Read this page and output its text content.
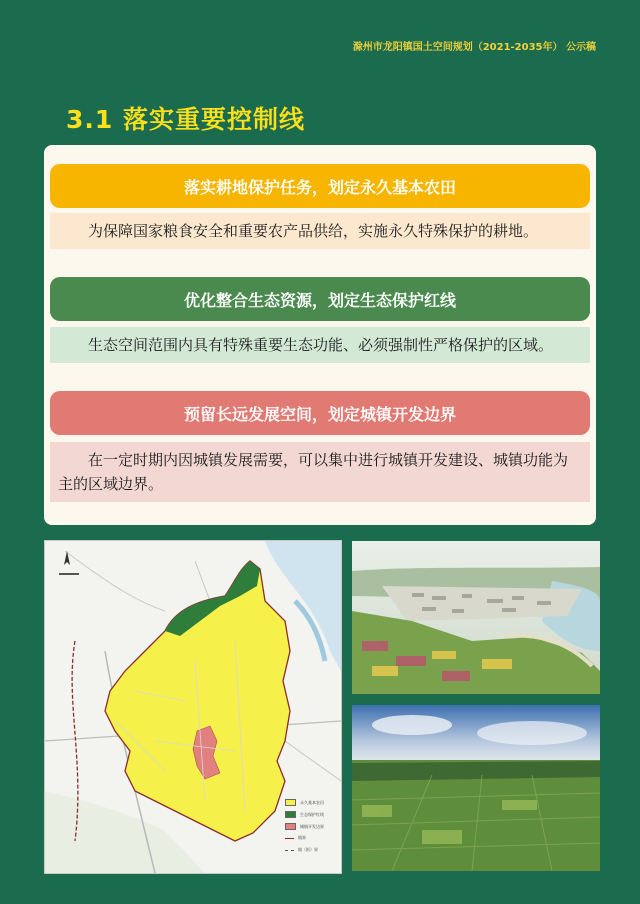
滁州市龙阳镇国土空间规划（2021-2035年） 公示稿
3.1 落实重要控制线
落实耕地保护任务，划定永久基本农田
为保障国家粮食安全和重要农产品供给，实施永久特殊保护的耕地。
优化整合生态资源，划定生态保护红线
生态空间范围内具有特殊重要生态功能、必须强制性严格保护的区域。
预留长远发展空间，划定城镇开发边界
在一定时期内因城镇发展需要，可以集中进行城镇开发建设、城镇功能为主的区域边界。
永久基本农田
生态保护红线
城镇开发边界
镇界
镇（街）界
